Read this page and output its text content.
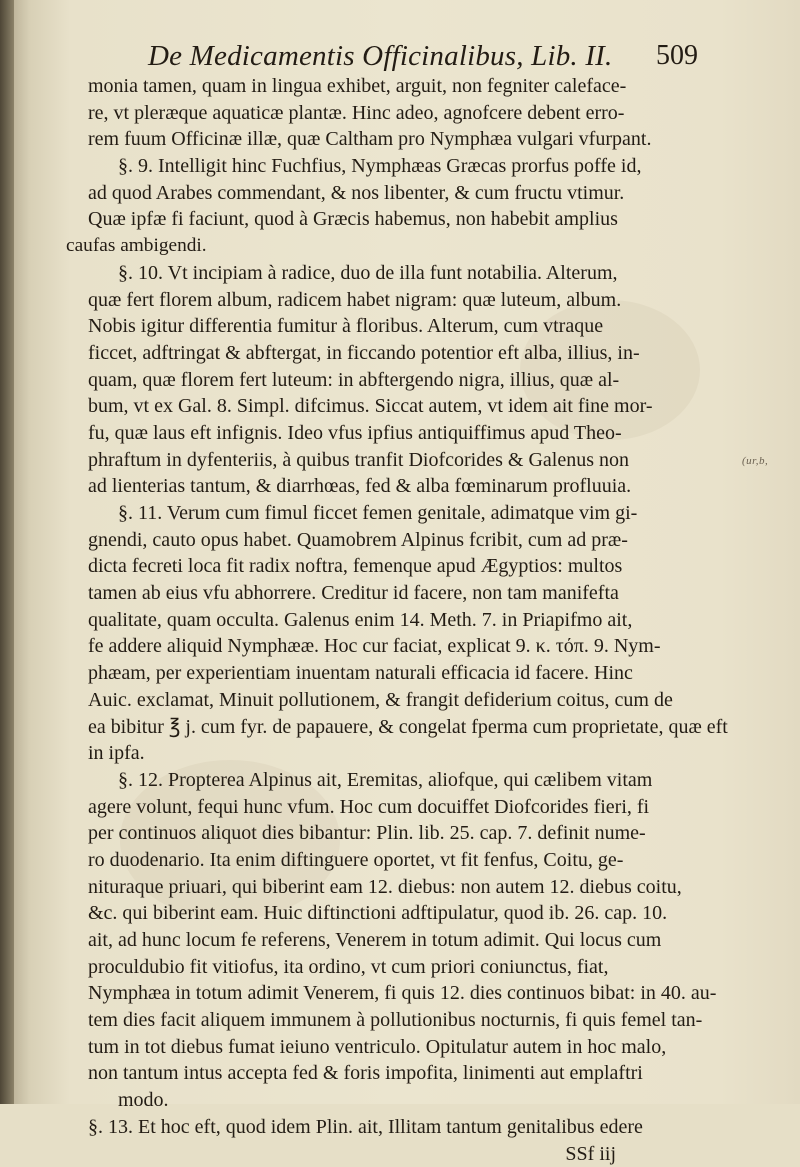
(ur,b,
De Medicamentis Officinalibus, Lib. II. 509
monia tamen, quam in lingua exhibet, arguit, non fegniter caleface-
re, vt pleræque aquaticæ plantæ. Hinc adeo, agnofcere debent erro-
rem fuum Officinæ illæ, quæ Caltham pro Nymphæa vulgari vfurpant.
§. 9. Intelligit hinc Fuchfius, Nymphæas Græcas prorfus poffe id,
ad quod Arabes commendant, & nos libenter, & cum fructu vtimur.
Quæ ipfæ fi faciunt, quod à Græcis habemus, non habebit amplius
caufas ambigendi.
§. 10. Vt incipiam à radice, duo de illa funt notabilia. Alterum,
quæ fert florem album, radicem habet nigram: quæ luteum, album.
Nobis igitur differentia fumitur à floribus. Alterum, cum vtraque
ficcet, adftringat & abftergat, in ficcando potentior eft alba, illius, in-
quam, quæ florem fert luteum: in abftergendo nigra, illius, quæ al-
bum, vt ex Gal. 8. Simpl. difcimus. Siccat autem, vt idem ait fine mor-
fu, quæ laus eft infignis. Ideo vfus ipfius antiquiffimus apud Theo-
phraftum in dyfenteriis, à quibus tranfit Diofcorides & Galenus non
ad lienterias tantum, & diarrhœas, fed & alba fœminarum profluuia.
§. 11. Verum cum fimul ficcet femen genitale, adimatque vim gi-
gnendi, cauto opus habet. Quamobrem Alpinus fcribit, cum ad præ-
dicta fecreti loca fit radix noftra, femenque apud Ægyptios: multos
tamen ab eius vfu abhorrere. Creditur id facere, non tam manifefta
qualitate, quam occulta. Galenus enim 14. Meth. 7. in Priapifmo ait,
fe addere aliquid Nymphææ. Hoc cur faciat, explicat 9. κ. τόπ. 9. Nym-
phæam, per experientiam inuentam naturali efficacia id facere. Hinc
Auic. exclamat, Minuit pollutionem, & frangit defiderium coitus, cum de
ea bibitur ℥ j. cum fyr. de papauere, & congelat fperma cum proprietate, quæ eft
in ipfa.
§. 12. Propterea Alpinus ait, Eremitas, aliofque, qui cælibem vitam
agere volunt, fequi hunc vfum. Hoc cum docuiffet Diofcorides fieri, fi
per continuos aliquot dies bibantur: Plin. lib. 25. cap. 7. definit nume-
ro duodenario. Ita enim diftinguere oportet, vt fit fenfus, Coitu, ge-
nituraque priuari, qui biberint eam 12. diebus: non autem 12. diebus coitu,
&c. qui biberint eam. Huic diftinctioni adftipulatur, quod ib. 26. cap. 10.
ait, ad hunc locum fe referens, Venerem in totum adimit. Qui locus cum
proculdubio fit vitiofus, ita ordino, vt cum priori coniunctus, fiat,
Nymphæa in totum adimit Venerem, fi quis 12. dies continuos bibat: in 40. au-
tem dies facit aliquem immunem à pollutionibus nocturnis, fi quis femel tan-
tum in tot diebus fumat ieiuno ventriculo. Opitulatur autem in hoc malo,
non tantum intus accepta fed & foris impofita, linimenti aut emplaftri
modo.
§. 13. Et hoc eft, quod idem Plin. ait, Illitam tantum genitalibus edere
SSf iij
